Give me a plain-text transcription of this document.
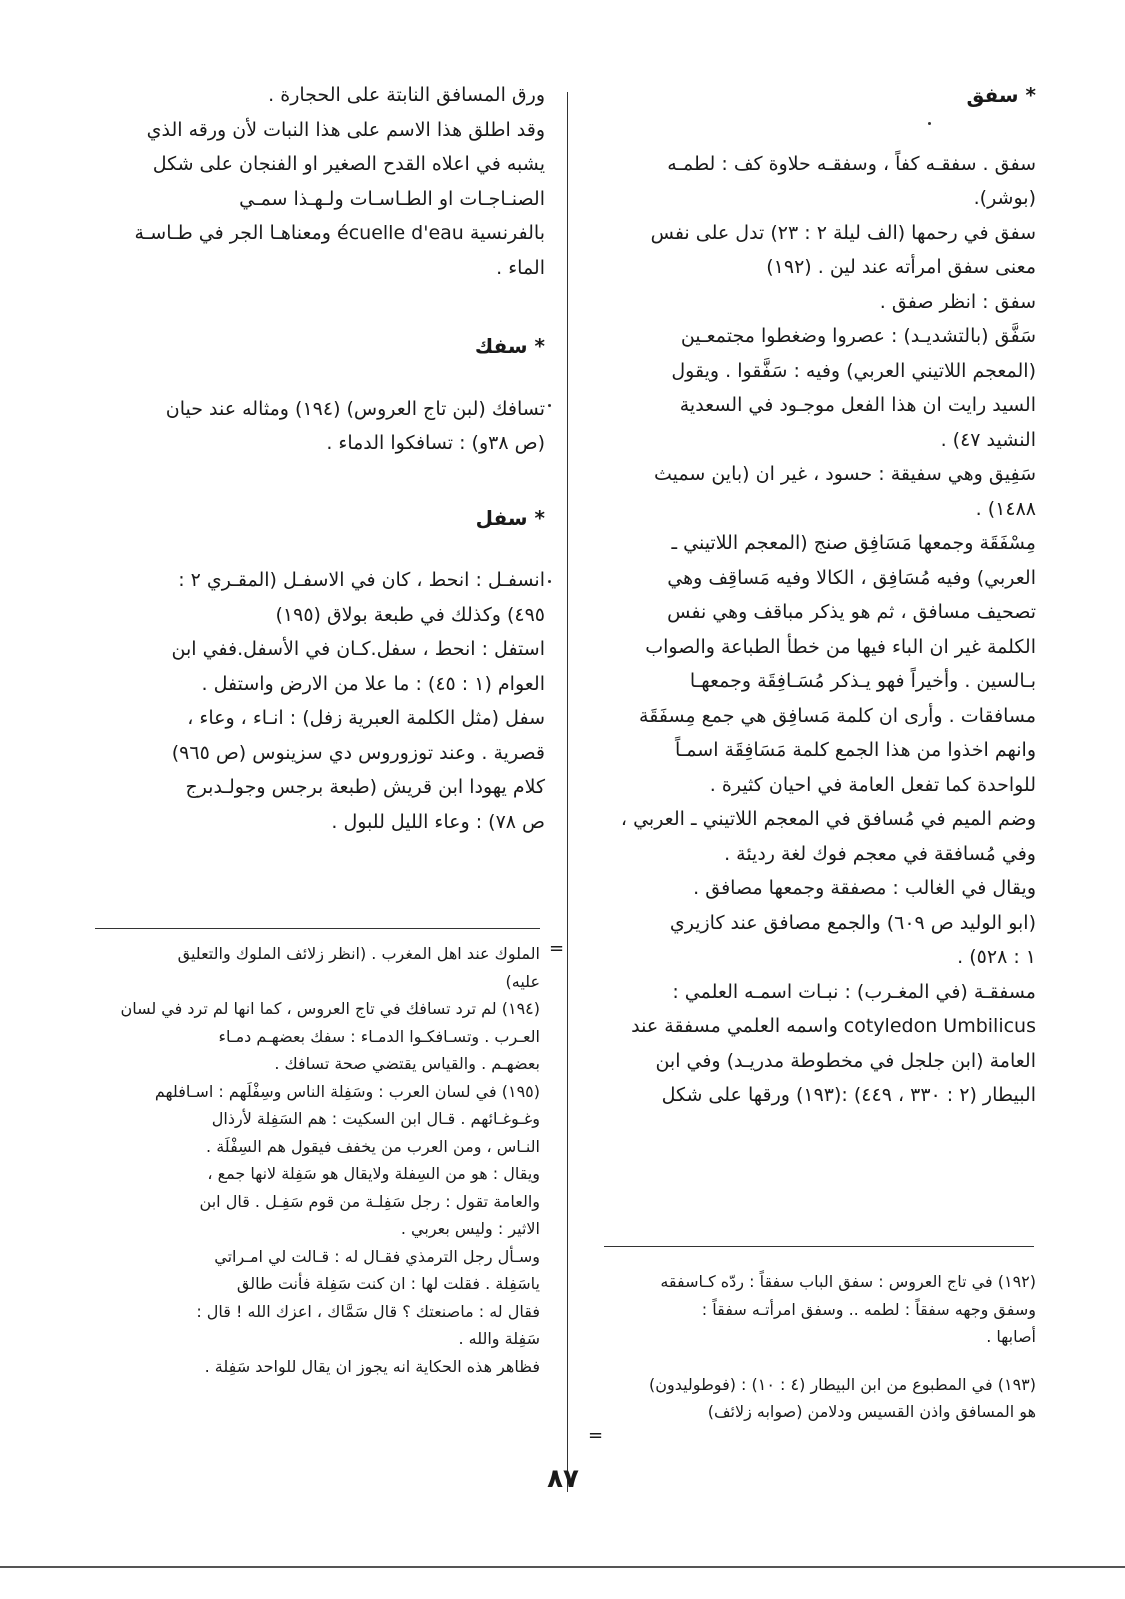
* سفق

سفق . سفقـه كفاً ، وسفقـه حلاوة كف : لطمـه

(بوشر).

سفق في رحمها (الف ليلة ٢ : ٢٣) تدل على نفس

معنى سفق امرأته عند لين . (١٩٢)

سفق : انظر صفق .

سَفَّق (بالتشديـد) : عصروا وضغطوا مجتمعـين

(المعجم اللاتيني العربي) وفيه : سَفَّقوا . ويقول

السيد رايت ان هذا الفعل موجـود في السعدية

النشيد ٤٧) .

سَفِيق وهي سفيقة : حسود ، غير ان (باين سميث

١٤٨٨) .

مِسْفَقَة وجمعها مَسَافِق صنج (المعجم اللاتيني ـ

العربي) وفيه مُسَافِق ، الكالا وفيه مَساقِف وهي

تصحيف مسافق ، ثم هو يذكر مباقف وهي نفس

الكلمة غير ان الباء فيها من خطأ الطباعة والصواب

بـالسين . وأخيراً فهو يـذكر مُسَـافِقَة وجمعهـا

مسافقات . وأرى ان كلمة مَسافِق هي جمع مِسفَقَة

وانهم اخذوا من هذا الجمع كلمة مَسَافِقَة اسمـاً

للواحدة كما تفعل العامة في احيان كثيرة .

وضم الميم في مُسافق في المعجم اللاتيني ـ العربي ،

وفي مُسافقة في معجم فوك لغة رديئة .

ويقال في الغالب : مصفقة وجمعها مصافق .

(ابو الوليد ص ٦٠٩) والجمع مصافق عند كازيري

١ : ٥٢٨) .

مسفقـة (في المغـرب) : نبـات اسمـه العلمي :

cotyledon Umbilicus واسمه العلمي مسفقة عند

العامة (ابن جلجل في مخطوطة مدريـد) وفي ابن

البيطار (٢ : ٣٣٠ ، ٤٤٩) :(١٩٣) ورقها على شكل

ورق المسافق النابتة على الحجارة .

وقد اطلق هذا الاسم على هذا النبات لأن ورقه الذي

يشبه في اعلاه القدح الصغير او الفنجان على شكل

الصنـاجـات او الطـاسـات ولـهـذا سمـي

بالفرنسية écuelle d'eau ومعناهـا الجر في طـاسـة

الماء .

* سفك

تسافك (لبن تاج العروس) (١٩٤) ومثاله عند حيان

(ص ٣٨و) : تسافكوا الدماء .

* سفل

انسفـل : انحط ، كان في الاسفـل (المقـري ٢ :

٤٩٥) وكذلك في طبعة بولاق (١٩٥)

استفل : انحط ، سفل.كـان في الأسفل.ففي ابن

العوام (١ : ٤٥) : ما علا من الارض واستفل .

سفل (مثل الكلمة العبرية زفل) : انـاء ، وعاء ،

قصرية . وعند توزوروس دي سزينوس (ص ٩٦٥)

كلام يهودا ابن قريش (طبعة برجس وجولـدبرج

ص ٧٨) : وعاء الليل للبول .

الملوك عند اهل المغرب . (انظر زلائف الملوك والتعليق

عليه)

(١٩٤) لم ترد تسافك في تاج العروس ، كما انها لم ترد في لسان

العـرب . وتسـافكـوا الدمـاء : سفك بعضهـم دمـاء

بعضهـم . والقياس يقتضي صحة تسافك .

(١٩٥) في لسان العرب : وسَفِلة الناس وسِفْلَهم : اسـافلهم

وغـوغـائهم . قـال ابن السكيت : هم السَفِلة لأرذال

النـاس ، ومن العرب من يخفف فيقول هم السِفْلَة .

ويقال : هو من السِفلة ولايقال هو سَفِلة لانها جمع ،

والعامة تقول : رجل سَفِلـة من قوم سَفِـل . قال ابن

الاثير : وليس بعربي .

وسـأل رجل الترمذي فقـال له : قـالت لي امـراتي

ياسَفِلة . فقلت لها : ان كنت سَفِلة فأنت طالق

فقال له : ماصنعتك ؟ قال سَمَّاك ، اعزك الله ! قال :

سَفِلة والله .

فظاهر هذه الحكاية انه يجوز ان يقال للواحد سَفِلة .

=

(١٩٢) في تاج العروس : سفق الباب سفقاً : ردّه كـاسفقه

وسفق وجهه سفقاً : لطمه .. وسفق امرأتـه سفقاً :

أصابها .

(١٩٣) في المطبوع من ابن البيطار (٤ : ١٠) : (فوطوليدون)

هو المسافق واذن القسيس ودلامن (صوابه زلائف)

=
٨٧
